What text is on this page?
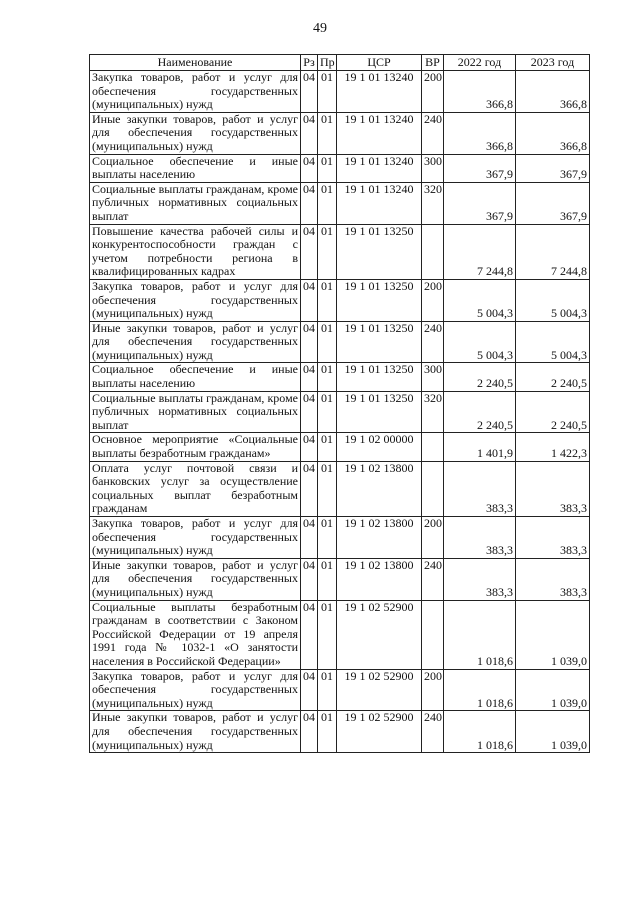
49
Наименование	Рз	Пр	ЦСР	ВР	2022 год	2023 год
Закупка товаров, работ и услуг для обеспечения государственных (муниципальных) нужд	04	01	19 1 01 13240	200	366,8	366,8
Иные закупки товаров, работ и услуг для обеспечения государственных (муниципальных) нужд	04	01	19 1 01 13240	240	366,8	366,8
Социальное обеспечение и иные выплаты населению	04	01	19 1 01 13240	300	367,9	367,9
Социальные выплаты гражданам, кроме публичных нормативных социальных выплат	04	01	19 1 01 13240	320	367,9	367,9
Повышение качества рабочей силы и конкурентоспособности граждан с учетом потребности региона в квалифицированных кадрах	04	01	19 1 01 13250		7 244,8	7 244,8
Закупка товаров, работ и услуг для обеспечения государственных (муниципальных) нужд	04	01	19 1 01 13250	200	5 004,3	5 004,3
Иные закупки товаров, работ и услуг для обеспечения государственных (муниципальных) нужд	04	01	19 1 01 13250	240	5 004,3	5 004,3
Социальное обеспечение и иные выплаты населению	04	01	19 1 01 13250	300	2 240,5	2 240,5
Социальные выплаты гражданам, кроме публичных нормативных социальных выплат	04	01	19 1 01 13250	320	2 240,5	2 240,5
Основное мероприятие «Социальные выплаты безработным гражданам»	04	01	19 1 02 00000		1 401,9	1 422,3
Оплата услуг почтовой связи и банковских услуг за осуществление социальных выплат безработным гражданам	04	01	19 1 02 13800		383,3	383,3
Закупка товаров, работ и услуг для обеспечения государственных (муниципальных) нужд	04	01	19 1 02 13800	200	383,3	383,3
Иные закупки товаров, работ и услуг для обеспечения государственных (муниципальных) нужд	04	01	19 1 02 13800	240	383,3	383,3
Социальные выплаты безработным гражданам в соответствии с Законом Российской Федерации от 19 апреля 1991 года № 1032-1 «О занятости населения в Российской Федерации»	04	01	19 1 02 52900		1 018,6	1 039,0
Закупка товаров, работ и услуг для обеспечения государственных (муниципальных) нужд	04	01	19 1 02 52900	200	1 018,6	1 039,0
Иные закупки товаров, работ и услуг для обеспечения государственных (муниципальных) нужд	04	01	19 1 02 52900	240	1 018,6	1 039,0
